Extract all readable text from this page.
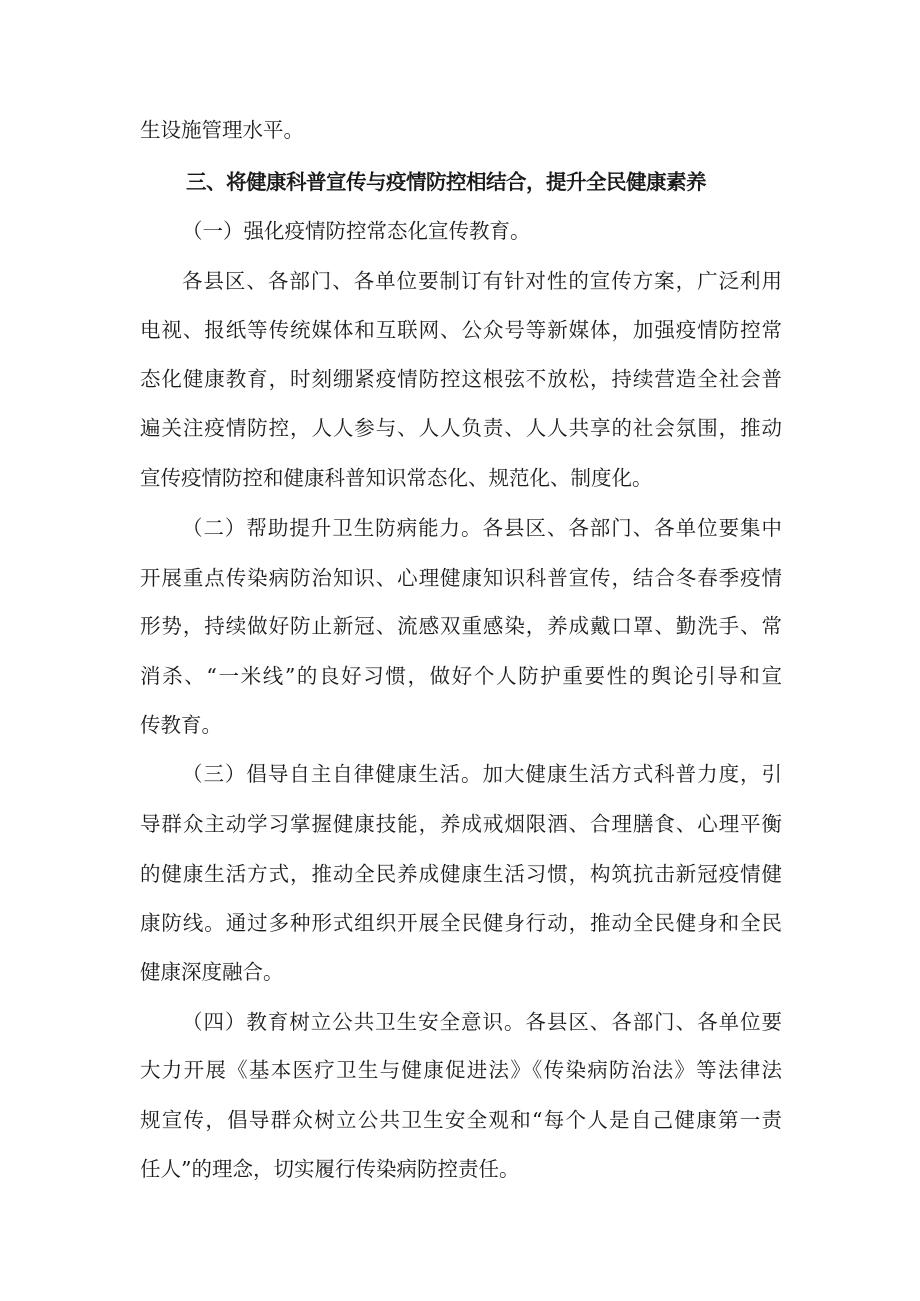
生设施管理水平。
三、将健康科普宣传与疫情防控相结合，提升全民健康素养
（一）强化疫情防控常态化宣传教育。
各县区、各部门、各单位要制订有针对性的宣传方案，广泛利用
电视、报纸等传统媒体和互联网、公众号等新媒体，加强疫情防控常
态化健康教育，时刻绷紧疫情防控这根弦不放松，持续营造全社会普
遍关注疫情防控，人人参与、人人负责、人人共享的社会氛围，推动
宣传疫情防控和健康科普知识常态化、规范化、制度化。
（二）帮助提升卫生防病能力。各县区、各部门、各单位要集中
开展重点传染病防治知识、心理健康知识科普宣传，结合冬春季疫情
形势，持续做好防止新冠、流感双重感染，养成戴口罩、勤洗手、常
消杀、“一米线”的良好习惯，做好个人防护重要性的舆论引导和宣
传教育。
（三）倡导自主自律健康生活。加大健康生活方式科普力度，引
导群众主动学习掌握健康技能，养成戒烟限酒、合理膳食、心理平衡
的健康生活方式，推动全民养成健康生活习惯，构筑抗击新冠疫情健
康防线。通过多种形式组织开展全民健身行动，推动全民健身和全民
健康深度融合。
（四）教育树立公共卫生安全意识。各县区、各部门、各单位要
大力开展《基本医疗卫生与健康促进法》《传染病防治法》等法律法
规宣传，倡导群众树立公共卫生安全观和“每个人是自己健康第一责
任人”的理念，切实履行传染病防控责任。
